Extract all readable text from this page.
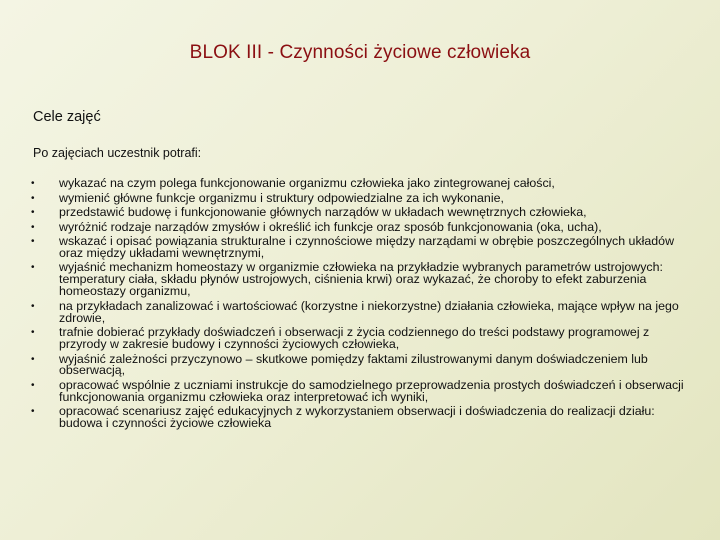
BLOK III - Czynności życiowe człowieka
Cele zajęć
Po zajęciach uczestnik potrafi:
• wykazać na czym polega funkcjonowanie organizmu człowieka jako zintegrowanej całości,
• wymienić główne funkcje organizmu i struktury odpowiedzialne za ich wykonanie,
• przedstawić budowę i funkcjonowanie głównych narządów w układach wewnętrznych człowieka,
• wyróżnić rodzaje narządów zmysłów i określić ich funkcje oraz sposób funkcjonowania (oka, ucha),
• wskazać i opisać powiązania strukturalne i czynnościowe między narządami w obrębie poszczególnych układów oraz między układami wewnętrznymi,
• wyjaśnić mechanizm homeostazy w organizmie człowieka na przykładzie wybranych parametrów ustrojowych: temperatury ciała, składu płynów ustrojowych, ciśnienia krwi) oraz wykazać, że choroby to efekt zaburzenia homeostazy organizmu,
• na przykładach zanalizować i wartościować (korzystne i niekorzystne) działania człowieka, mające wpływ na jego zdrowie,
• trafnie dobierać przykłady doświadczeń i obserwacji z życia codziennego do treści podstawy programowej z przyrody w zakresie budowy i czynności życiowych człowieka,
• wyjaśnić zależności przyczynowo – skutkowe pomiędzy faktami zilustrowanymi danym doświadczeniem lub obserwacją,
• opracować wspólnie z uczniami instrukcje do samodzielnego przeprowadzenia prostych doświadczeń i obserwacji funkcjonowania organizmu człowieka oraz interpretować ich wyniki,
• opracować scenariusz zajęć edukacyjnych z wykorzystaniem obserwacji i doświadczenia do realizacji działu: budowa i czynności życiowe człowieka
